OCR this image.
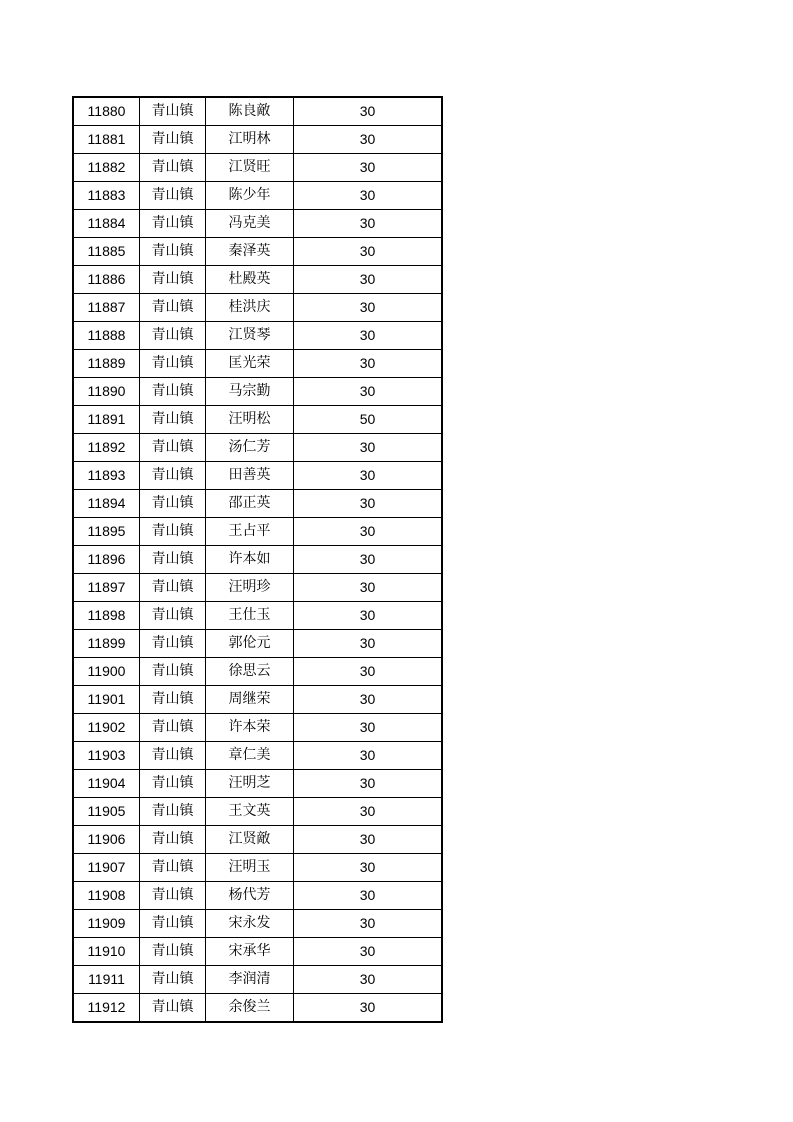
11880	青山镇	陈良敵	30
11881	青山镇	江明林	30
11882	青山镇	江贤旺	30
11883	青山镇	陈少年	30
11884	青山镇	冯克美	30
11885	青山镇	秦泽英	30
11886	青山镇	杜殿英	30
11887	青山镇	桂洪庆	30
11888	青山镇	江贤琴	30
11889	青山镇	匡光荣	30
11890	青山镇	马宗勤	30
11891	青山镇	汪明松	50
11892	青山镇	汤仁芳	30
11893	青山镇	田善英	30
11894	青山镇	邵正英	30
11895	青山镇	王占平	30
11896	青山镇	许本如	30
11897	青山镇	汪明珍	30
11898	青山镇	王仕玉	30
11899	青山镇	郭伦元	30
11900	青山镇	徐思云	30
11901	青山镇	周继荣	30
11902	青山镇	许本荣	30
11903	青山镇	章仁美	30
11904	青山镇	汪明芝	30
11905	青山镇	王文英	30
11906	青山镇	江贤敵	30
11907	青山镇	汪明玉	30
11908	青山镇	杨代芳	30
11909	青山镇	宋永发	30
11910	青山镇	宋承华	30
11911	青山镇	李润清	30
11912	青山镇	余俊兰	30
